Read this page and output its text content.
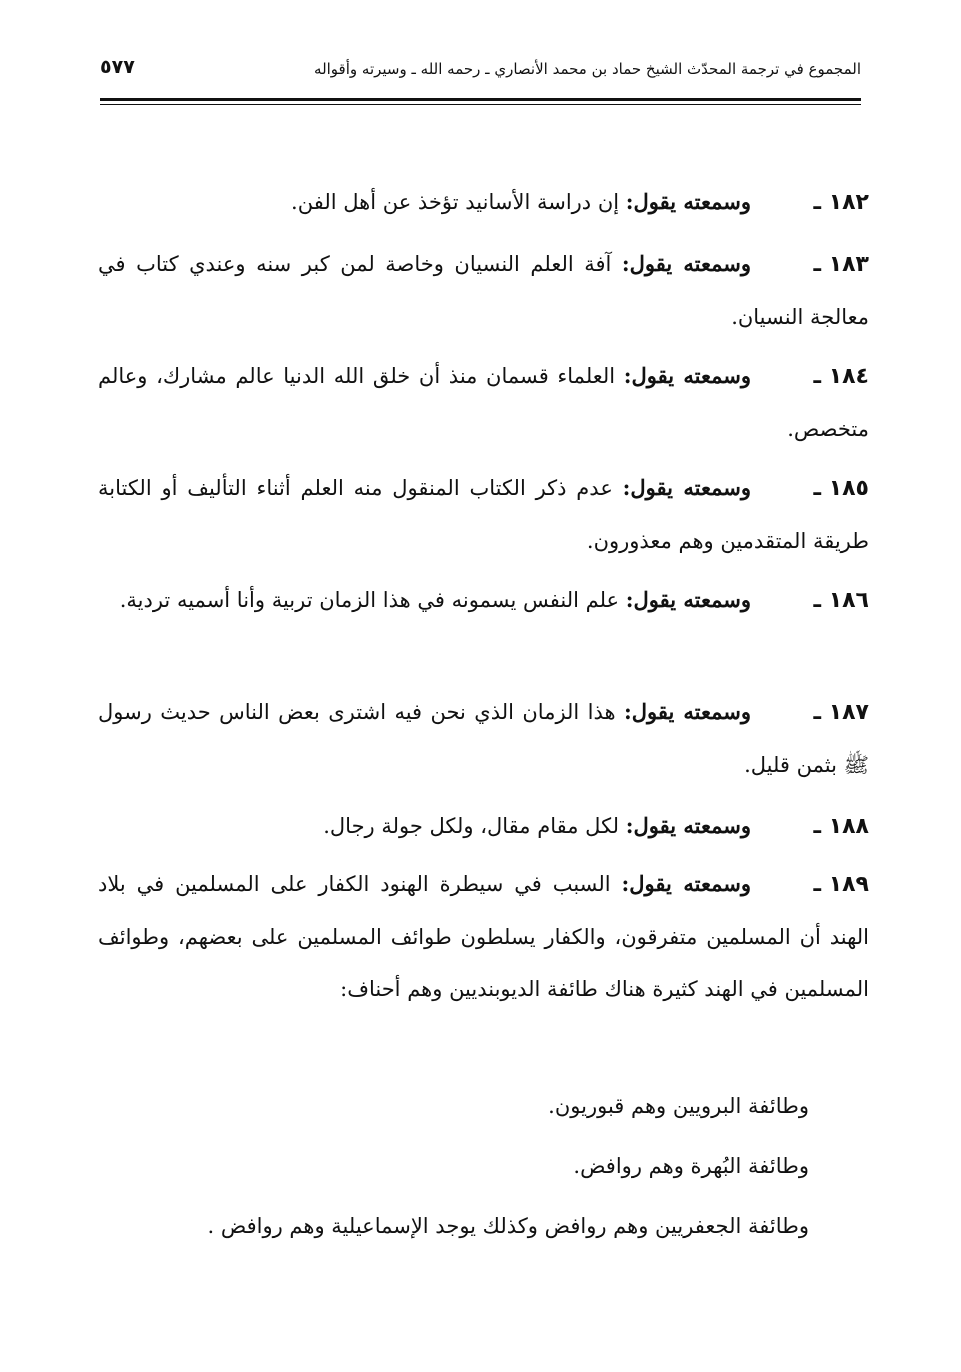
المجموع في ترجمة المحدّث الشيخ حماد بن محمد الأنصاري ـ رحمه الله ـ وسيرته وأقواله
٥٧٧
١٨٢ ـوسمعته يقول: إن دراسة الأسانيد تؤخذ عن أهل الفن.
١٨٣ ـوسمعته يقول: آفة العلم النسيان وخاصة لمن كبر سنه وعندي كتاب في معالجة النسيان.
١٨٤ ـوسمعته يقول: العلماء قسمان منذ أن خلق الله الدنيا عالم مشارك، وعالم متخصص.
١٨٥ ـوسمعته يقول: عدم ذكر الكتاب المنقول منه العلم أثناء التأليف أو الكتابة طريقة المتقدمين وهم معذورون.
١٨٦ ـوسمعته يقول: علم النفس يسمونه في هذا الزمان تربية وأنا أسميه تردية.
١٨٧ ـوسمعته يقول: هذا الزمان الذي نحن فيه اشترى بعض الناس حديث رسول ﷺ بثمن قليل.
١٨٨ ـوسمعته يقول: لكل مقام مقال، ولكل جولة رجال.
١٨٩ ـوسمعته يقول: السبب في سيطرة الهنود الكفار على المسلمين في بلاد الهند أن المسلمين متفرقون، والكفار يسلطون طوائف المسلمين على بعضهم، وطوائف المسلمين في الهند كثيرة هناك طائفة الديوبنديين وهم أحناف:
وطائفة البرويين وهم قبوريون.
وطائفة البُهرة وهم روافض.
وطائفة الجعفريين وهم روافض وكذلك يوجد الإسماعيلية وهم روافض .
